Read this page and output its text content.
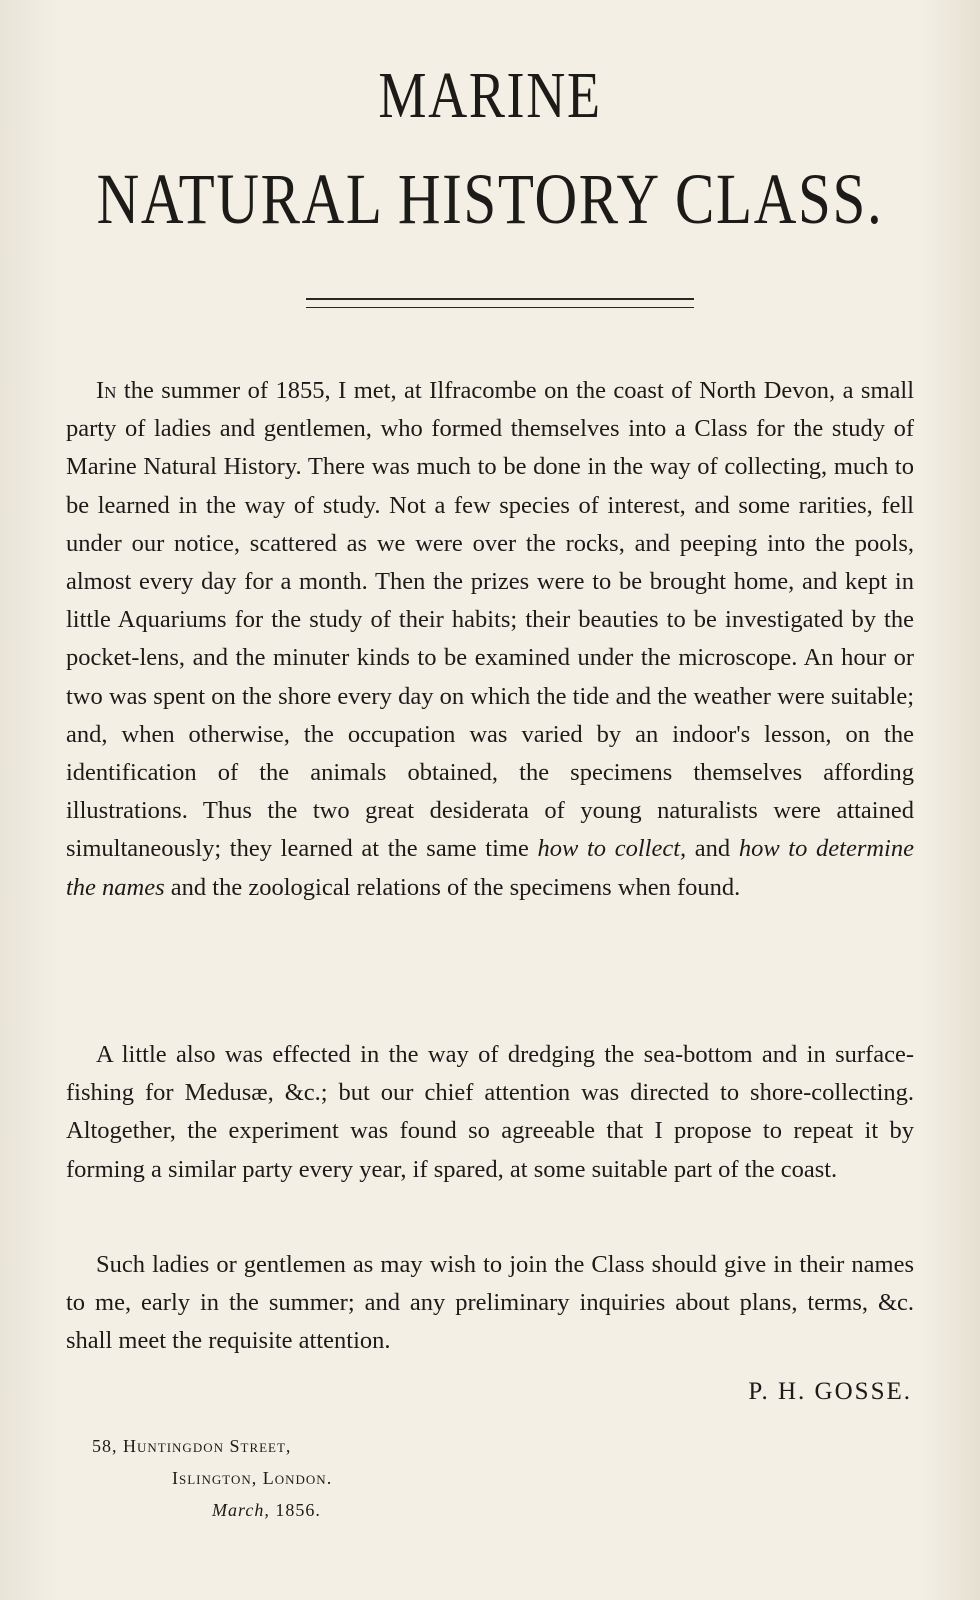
MARINE
NATURAL HISTORY CLASS.

In the summer of 1855, I met, at Ilfracombe on the coast of North Devon, a small party of ladies and gentlemen, who formed themselves into a Class for the study of Marine Natural History. There was much to be done in the way of collecting, much to be learned in the way of study. Not a few species of interest, and some rarities, fell under our notice, scattered as we were over the rocks, and peeping into the pools, almost every day for a month. Then the prizes were to be brought home, and kept in little Aquariums for the study of their habits; their beauties to be investigated by the pocket-lens, and the minuter kinds to be examined under the microscope. An hour or two was spent on the shore every day on which the tide and the weather were suitable; and, when otherwise, the occupation was varied by an indoor's lesson, on the identification of the animals obtained, the specimens themselves affording illustrations. Thus the two great desiderata of young naturalists were attained simultaneously; they learned at the same time how to collect, and how to determine the names and the zoological relations of the specimens when found.

A little also was effected in the way of dredging the sea-bottom and in surface-fishing for Medusæ, &c.; but our chief attention was directed to shore-collecting. Altogether, the experiment was found so agreeable that I propose to repeat it by forming a similar party every year, if spared, at some suitable part of the coast.

Such ladies or gentlemen as may wish to join the Class should give in their names to me, early in the summer; and any preliminary inquiries about plans, terms, &c. shall meet the requisite attention.

P. H. GOSSE.
58, Huntingdon Street,
Islington, London.
March, 1856.
